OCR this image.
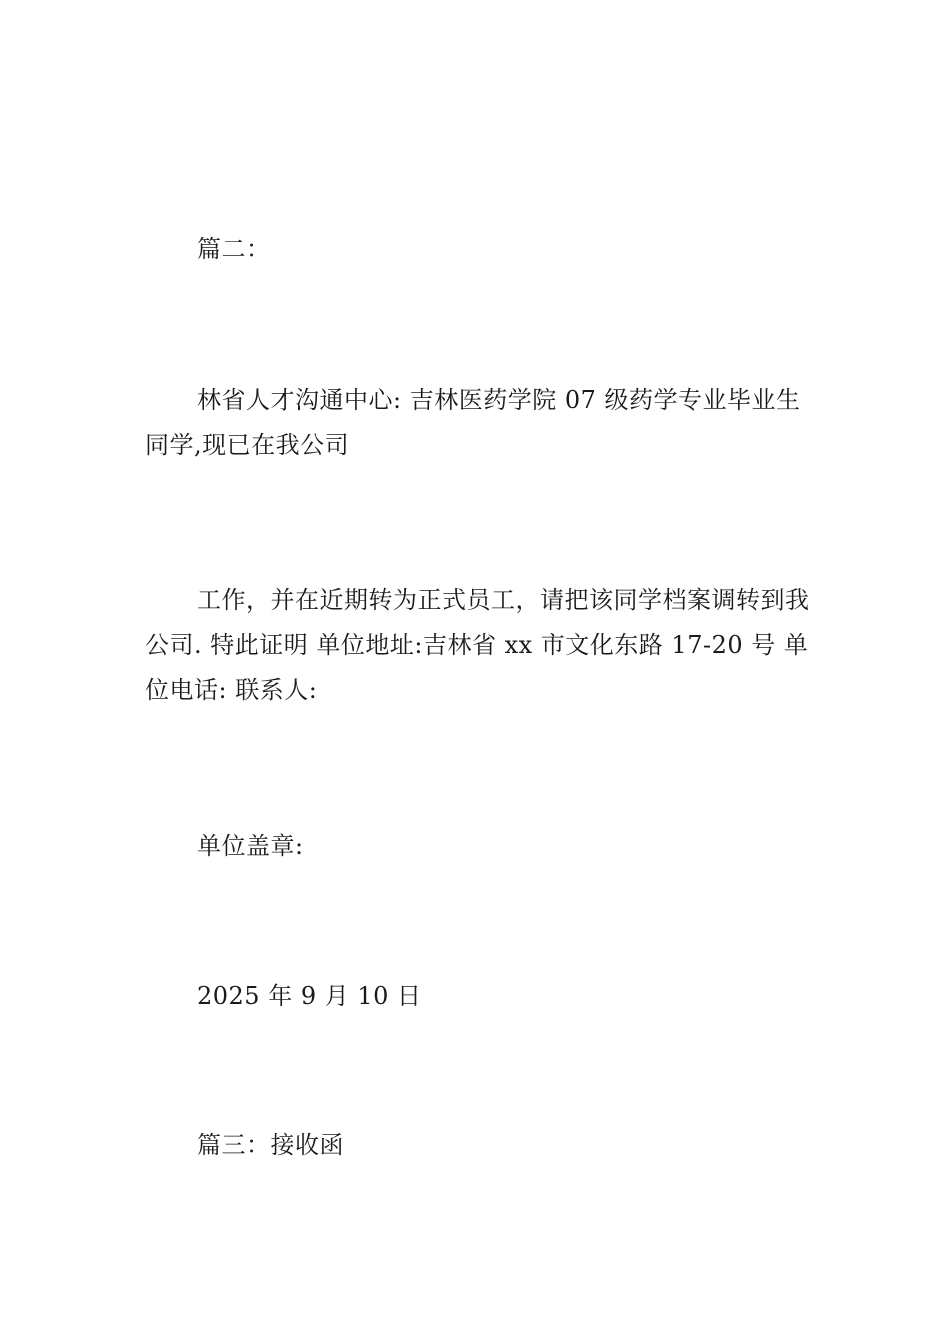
篇二：

林省人才沟通中心: 吉林医药学院 07 级药学专业毕业生 同学,现已在我公司

工作，并在近期转为正式员工，请把该同学档案调转到我公司. 特此证明 单位地址:吉林省 xx 市文化东路 17-20 号 单位电话: 联系人:

单位盖章:

2025 年 9 月 10 日

篇三：接收函
